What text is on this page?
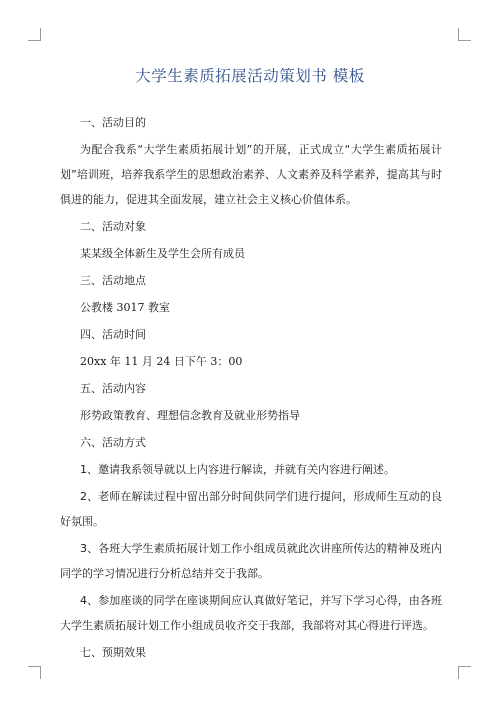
大学生素质拓展活动策划书 模板

一、活动目的

为配合我系“大学生素质拓展计划”的开展，正式成立“大学生素质拓展计划”培训班，培养我系学生的思想政治素养、人文素养及科学素养，提高其与时俱进的能力，促进其全面发展，建立社会主义核心价值体系。

二、活动对象

某某级全体新生及学生会所有成员

三、活动地点

公教楼 3017 教室

四、活动时间

20xx 年 11 月 24 日下午 3：00

五、活动内容

形势政策教育、理想信念教育及就业形势指导

六、活动方式

1、邀请我系领导就以上内容进行解读，并就有关内容进行阐述。

2、老师在解读过程中留出部分时间供同学们进行提问，形成师生互动的良好氛围。

3、各班大学生素质拓展计划工作小组成员就此次讲座所传达的精神及班内同学的学习情况进行分析总结并交于我部。

4、参加座谈的同学在座谈期间应认真做好笔记，并写下学习心得，由各班大学生素质拓展计划工作小组成员收齐交于我部，我部将对其心得进行评选。

七、预期效果
